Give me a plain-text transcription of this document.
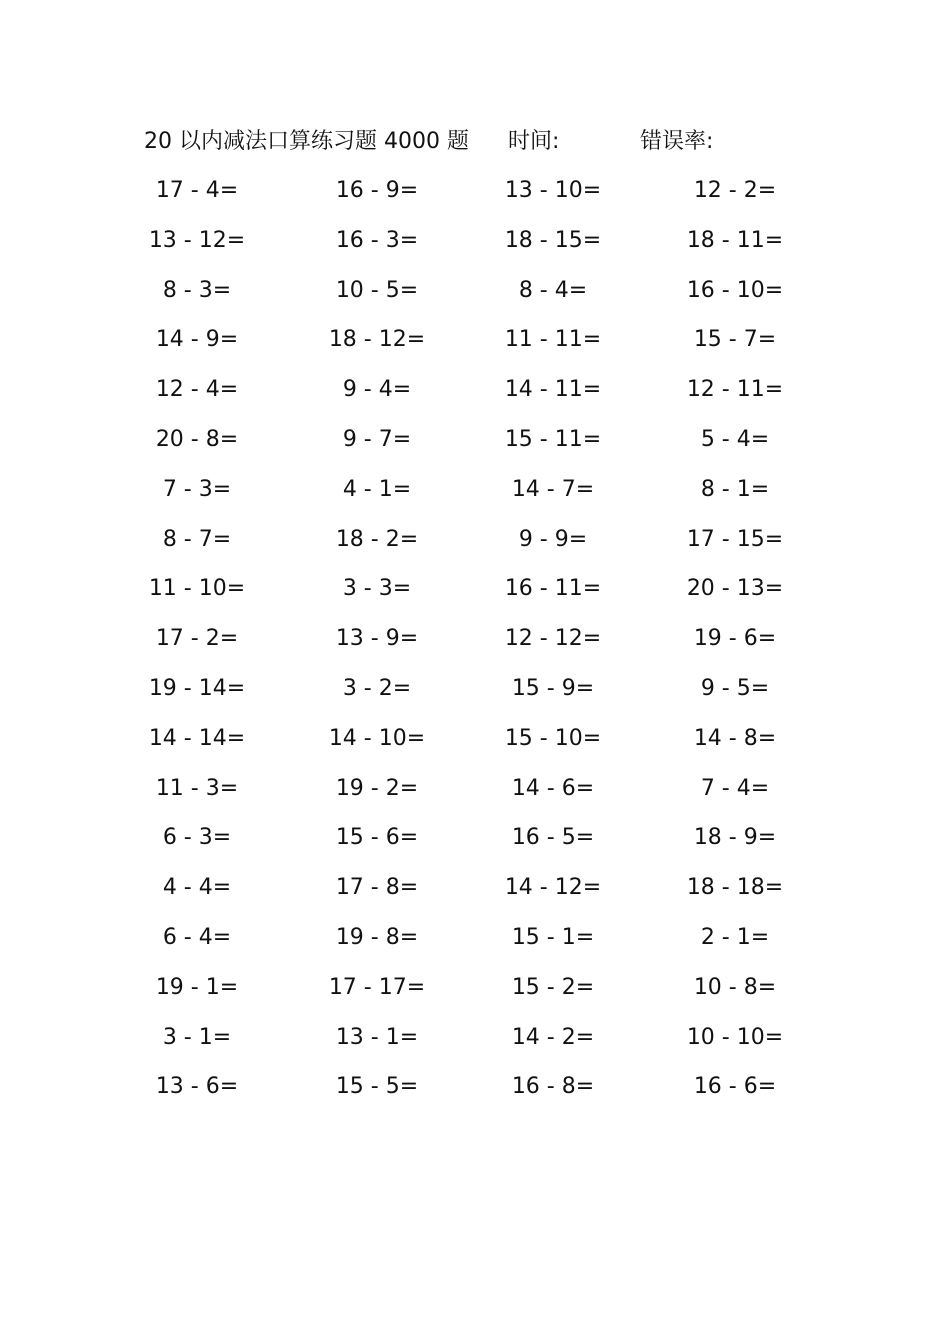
20 以内减法口算练习题 4000 题 时间:	错误率:
17 - 4=	16 - 9=	13 - 10=	12 - 2=
13 - 12=	16 - 3=	18 - 15=	18 - 11=
8 - 3=	10 - 5=	8 - 4=	16 - 10=
14 - 9=	18 - 12=	11 - 11=	15 - 7=
12 - 4=	9 - 4=	14 - 11=	12 - 11=
20 - 8=	9 - 7=	15 - 11=	5 - 4=
7 - 3=	4 - 1=	14 - 7=	8 - 1=
8 - 7=	18 - 2=	9 - 9=	17 - 15=
11 - 10=	3 - 3=	16 - 11=	20 - 13=
17 - 2=	13 - 9=	12 - 12=	19 - 6=
19 - 14=	3 - 2=	15 - 9=	9 - 5=
14 - 14=	14 - 10=	15 - 10=	14 - 8=
11 - 3=	19 - 2=	14 - 6=	7 - 4=
6 - 3=	15 - 6=	16 - 5=	18 - 9=
4 - 4=	17 - 8=	14 - 12=	18 - 18=
6 - 4=	19 - 8=	15 - 1=	2 - 1=
19 - 1=	17 - 17=	15 - 2=	10 - 8=
3 - 1=	13 - 1=	14 - 2=	10 - 10=
13 - 6=	15 - 5=	16 - 8=	16 - 6=
